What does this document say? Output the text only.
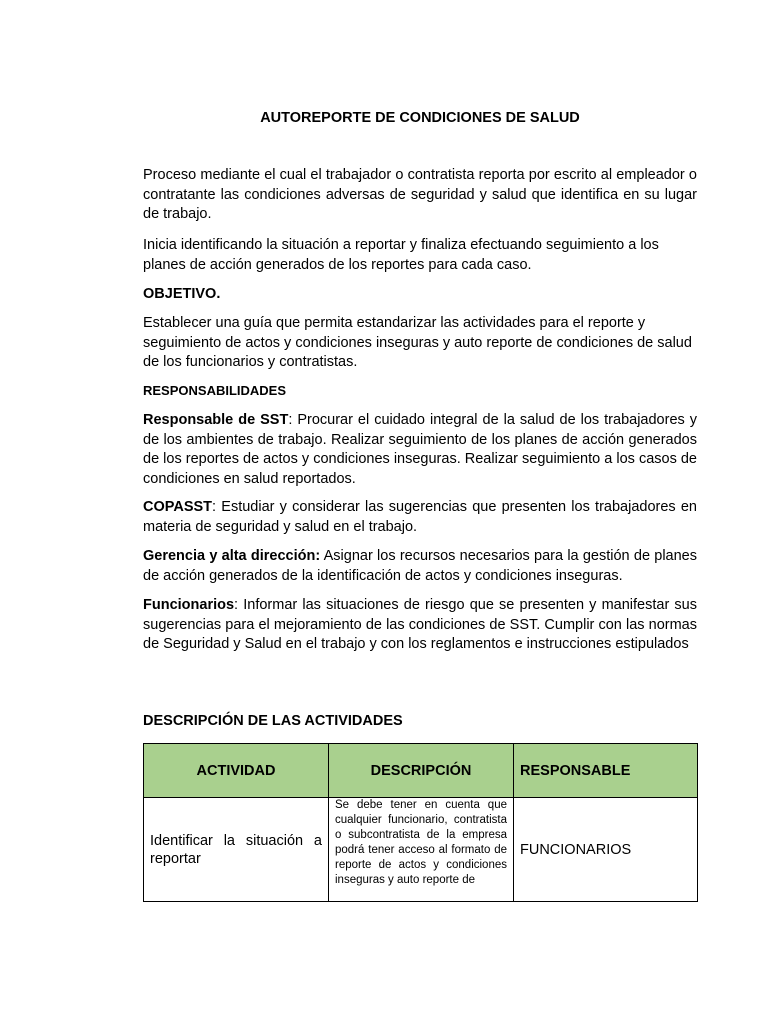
AUTOREPORTE DE CONDICIONES DE SALUD

Proceso mediante el cual el trabajador o contratista reporta por escrito al empleador o contratante las condiciones adversas de seguridad y salud que identifica en su lugar de trabajo.

Inicia identificando la situación a reportar y finaliza efectuando seguimiento a los planes de acción generados de los reportes para cada caso.

OBJETIVO.

Establecer una guía que permita estandarizar las actividades para el reporte y seguimiento de actos y condiciones inseguras y auto reporte de condiciones de salud de los funcionarios y contratistas.

RESPONSABILIDADES

Responsable de SST: Procurar el cuidado integral de la salud de los trabajadores y de los ambientes de trabajo. Realizar seguimiento de los planes de acción generados de los reportes de actos y condiciones inseguras. Realizar seguimiento a los casos de condiciones en salud reportados.

COPASST: Estudiar y considerar las sugerencias que presenten los trabajadores en materia de seguridad y salud en el trabajo.

Gerencia y alta dirección: Asignar los recursos necesarios para la gestión de planes de acción generados de la identificación de actos y condiciones inseguras.

Funcionarios: Informar las situaciones de riesgo que se presenten y manifestar sus sugerencias para el mejoramiento de las condiciones de SST. Cumplir con las normas de Seguridad y Salud en el trabajo y con los reglamentos e instrucciones estipulados

DESCRIPCIÓN DE LAS ACTIVIDADES

ACTIVIDAD	DESCRIPCIÓN	RESPONSABLE
Identificar la situación a reportar	Se debe tener en cuenta que cualquier funcionario, contratista o subcontratista de la empresa podrá tener acceso al formato de reporte de actos y condiciones inseguras y auto reporte de	FUNCIONARIOS
